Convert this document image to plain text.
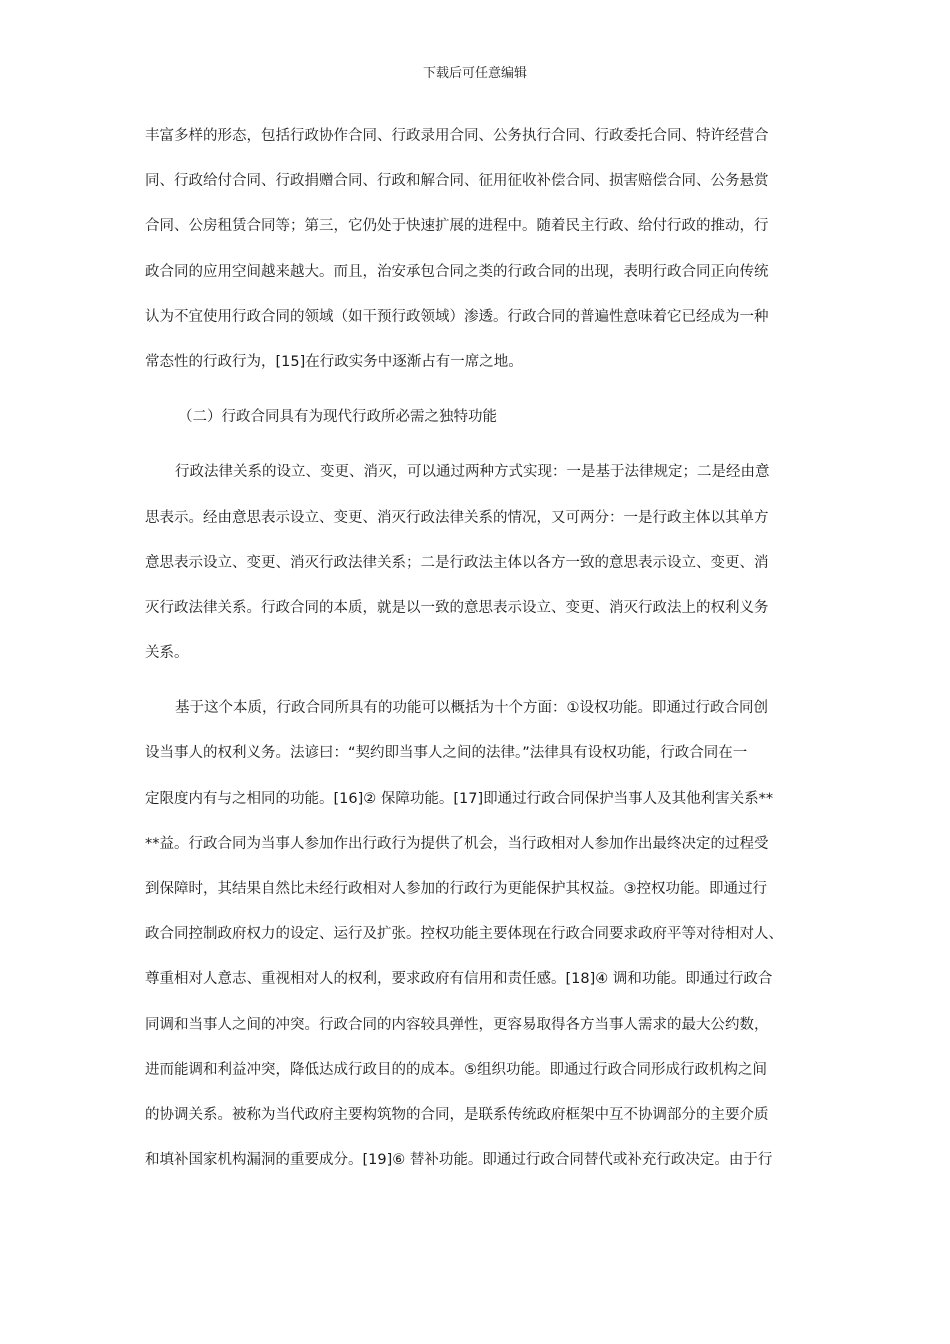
下载后可任意编辑
丰富多样的形态，包括行政协作合同、行政录用合同、公务执行合同、行政委托合同、特许经营合
同、行政给付合同、行政捐赠合同、行政和解合同、征用征收补偿合同、损害赔偿合同、公务悬赏
合同、公房租赁合同等；第三，它仍处于快速扩展的进程中。随着民主行政、给付行政的推动，行
政合同的应用空间越来越大。而且，治安承包合同之类的行政合同的出现，表明行政合同正向传统
认为不宜使用行政合同的领域（如干预行政领域）渗透。行政合同的普遍性意味着它已经成为一种
常态性的行政行为，[15]在行政实务中逐渐占有一席之地。
（二）行政合同具有为现代行政所必需之独特功能
行政法律关系的设立、变更、消灭，可以通过两种方式实现：一是基于法律规定；二是经由意
思表示。经由意思表示设立、变更、消灭行政法律关系的情况，又可两分：一是行政主体以其单方
意思表示设立、变更、消灭行政法律关系；二是行政法主体以各方一致的意思表示设立、变更、消
灭行政法律关系。行政合同的本质，就是以一致的意思表示设立、变更、消灭行政法上的权利义务
关系。
基于这个本质，行政合同所具有的功能可以概括为十个方面：①设权功能。即通过行政合同创
设当事人的权利义务。法谚曰：“契约即当事人之间的法律。”法律具有设权功能，行政合同在一
定限度内有与之相同的功能。[16]② 保障功能。[17]即通过行政合同保护当事人及其他利害关系**
**益。行政合同为当事人参加作出行政行为提供了机会，当行政相对人参加作出最终决定的过程受
到保障时，其结果自然比未经行政相对人参加的行政行为更能保护其权益。③控权功能。即通过行
政合同控制政府权力的设定、运行及扩张。控权功能主要体现在行政合同要求政府平等对待相对人、
尊重相对人意志、重视相对人的权利，要求政府有信用和责任感。[18]④ 调和功能。即通过行政合
同调和当事人之间的冲突。行政合同的内容较具弹性，更容易取得各方当事人需求的最大公约数，
进而能调和利益冲突，降低达成行政目的的成本。⑤组织功能。即通过行政合同形成行政机构之间
的协调关系。被称为当代政府主要构筑物的合同，是联系传统政府框架中互不协调部分的主要介质
和填补国家机构漏洞的重要成分。[19]⑥ 替补功能。即通过行政合同替代或补充行政决定。由于行
